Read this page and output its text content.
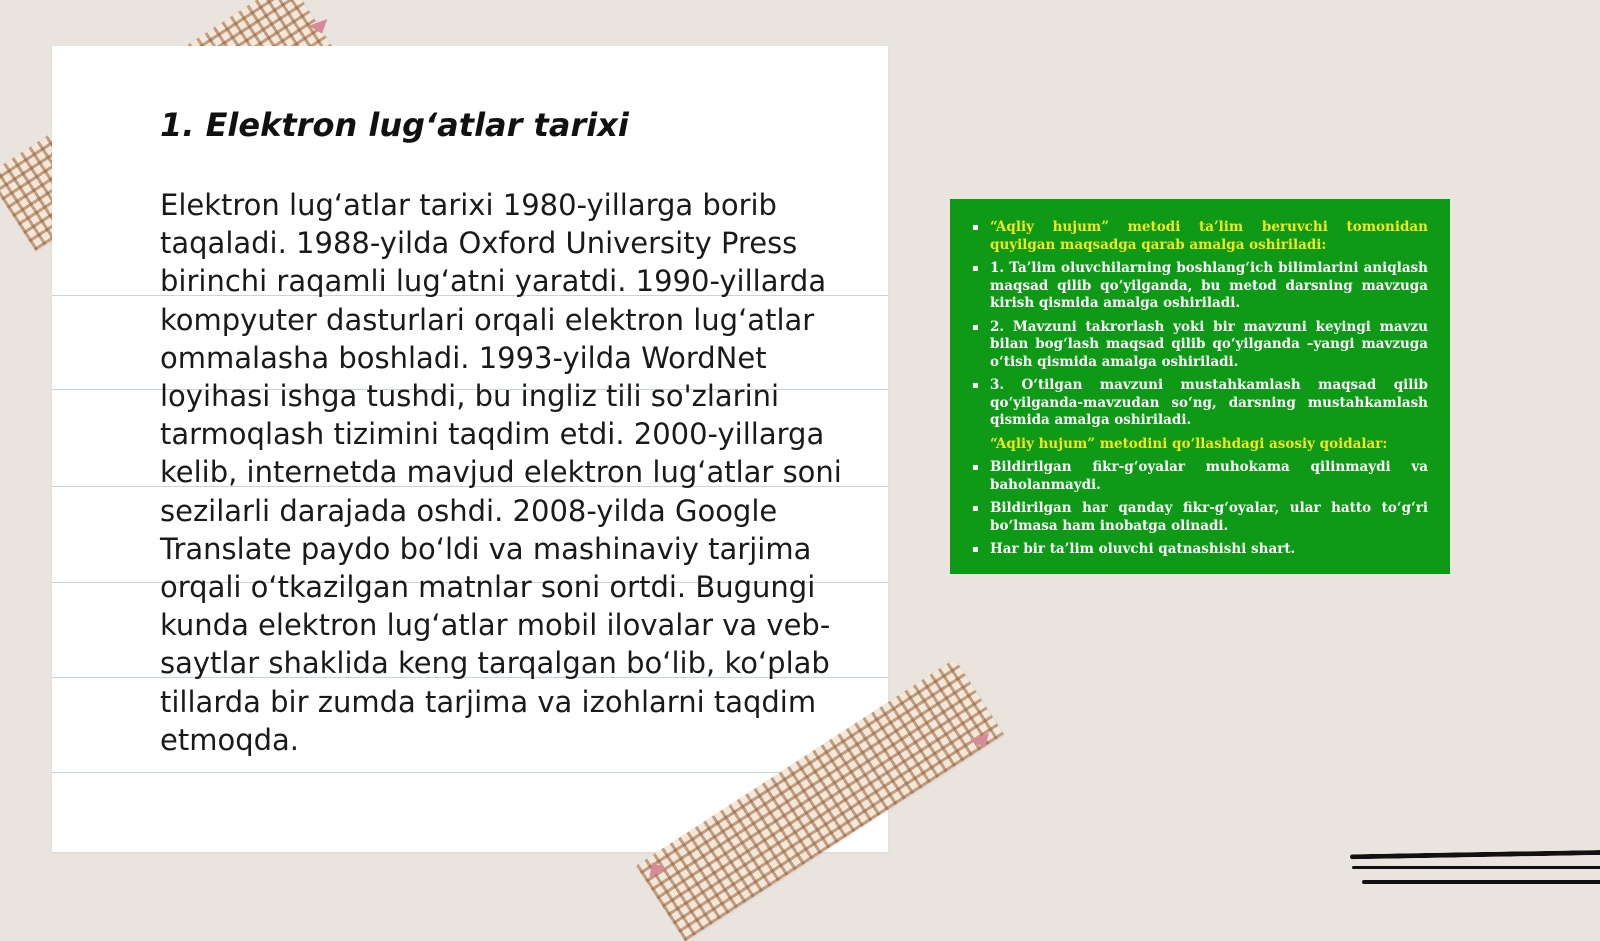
1. Elektron lug‘atlar tarixi

Elektron lug‘atlar tarixi 1980-yillarga borib taqaladi. 1988-yilda Oxford University Press birinchi raqamli lug‘atni yaratdi. 1990-yillarda kompyuter dasturlari orqali elektron lug‘atlar ommalasha boshladi. 1993-yilda WordNet loyihasi ishga tushdi, bu ingliz tili so'zlarini tarmoqlash tizimini taqdim etdi. 2000-yillarga kelib, internetda mavjud elektron lug‘atlar soni sezilarli darajada oshdi. 2008-yilda Google Translate paydo bo‘ldi va mashinaviy tarjima orqali o‘tkazilgan matnlar soni ortdi. Bugungi kunda elektron lug‘atlar mobil ilovalar va veb-saytlar shaklida keng tarqalgan bo‘lib, ko‘plab tillarda bir zumda tarjima va izohlarni taqdim etmoqda.

▪ “Aqliy hujum” metodi ta’lim beruvchi tomonidan quyilgan maqsadga qarab amalga oshiriladi:
▪ 1. Ta’lim oluvchilarning boshlang‘ich bilimlarini aniqlash maqsad qilib qo‘yilganda, bu metod darsning mavzuga kirish qismida amalga oshiriladi.
▪ 2. Mavzuni takrorlash yoki bir mavzuni keyingi mavzu bilan bog‘lash maqsad qilib qo‘yilganda –yangi mavzuga o‘tish qismida amalga oshiriladi.
▪ 3. O‘tilgan mavzuni mustahkamlash maqsad qilib qo‘yilganda-mavzudan so‘ng, darsning mustahkamlash qismida amalga oshiriladi.
“Aqliy hujum” metodini qo‘llashdagi asosiy qoidalar:
▪ Bildirilgan fikr-g‘oyalar muhokama qilinmaydi va baholanmaydi.
▪ Bildirilgan har qanday fikr-g‘oyalar, ular hatto to‘g‘ri bo‘lmasa ham inobatga olinadi.
▪ Har bir ta’lim oluvchi qatnashishi shart.
